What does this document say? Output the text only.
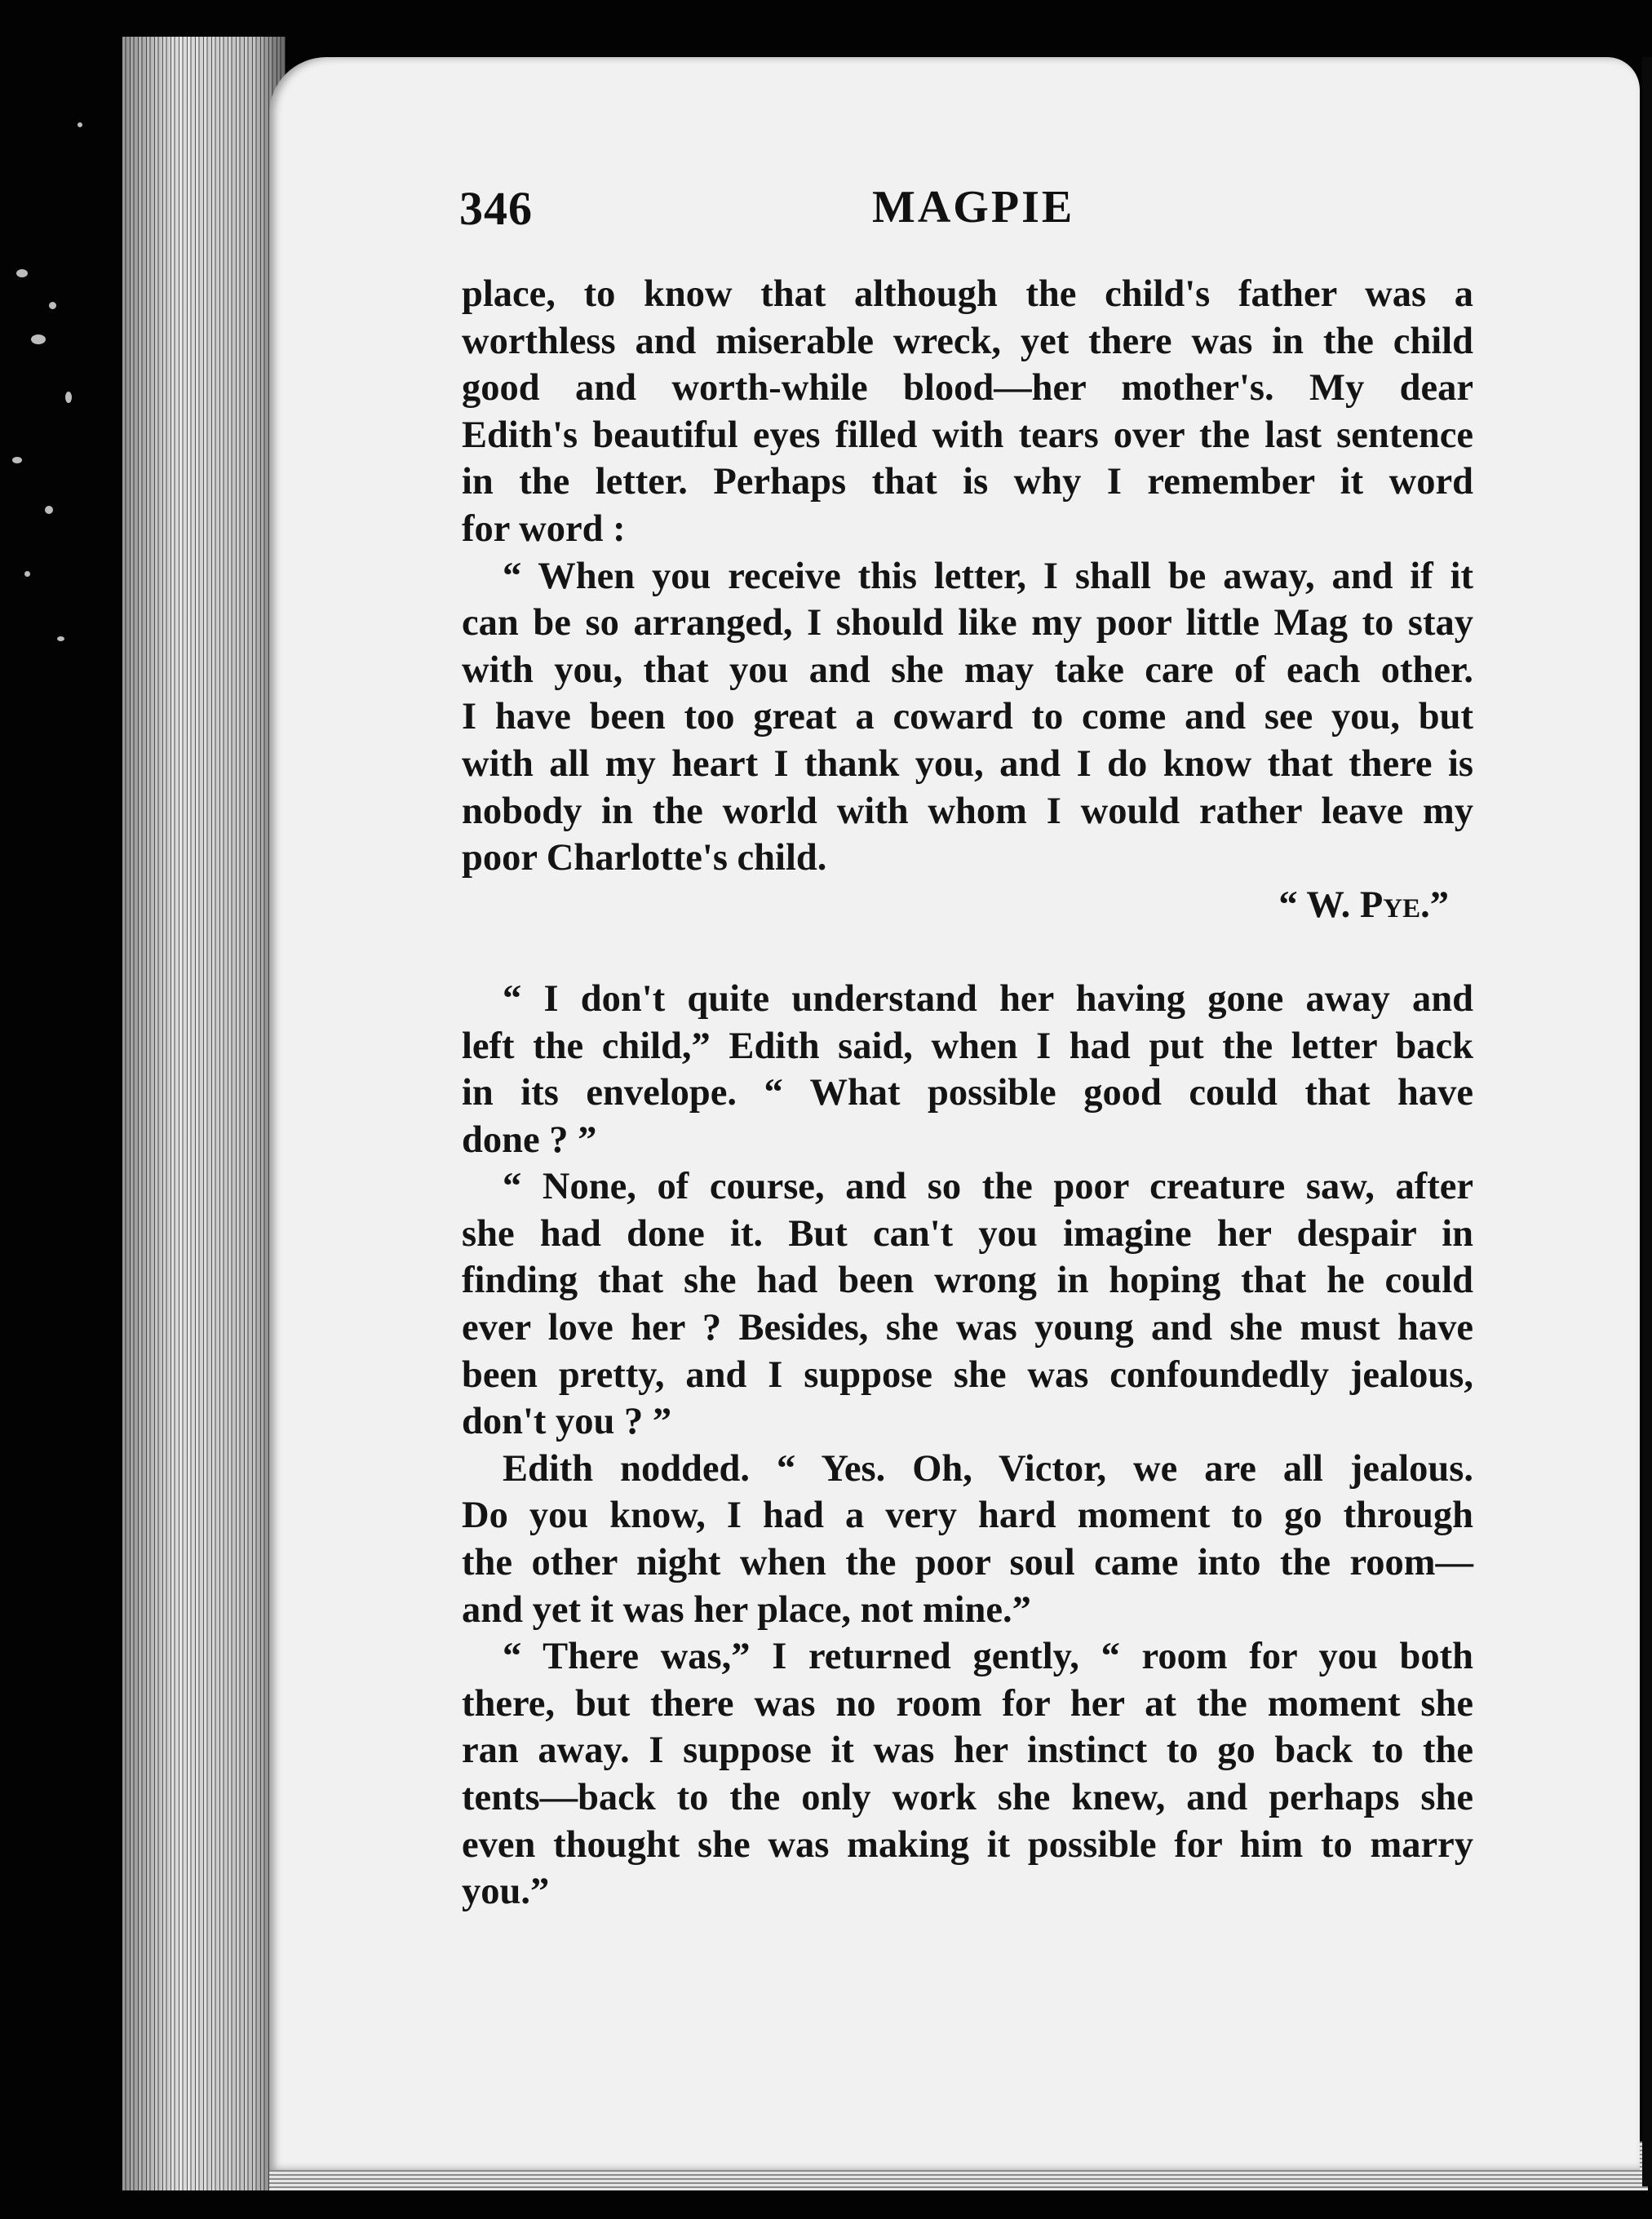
346	MAGPIE
place, to know that although the child's father was a
worthless and miserable wreck, yet there was in the child
good and worth-while blood—her mother's. My dear
Edith's beautiful eyes filled with tears over the last sentence
in the letter. Perhaps that is why I remember it word
for word :
“ When you receive this letter, I shall be away, and if it
can be so arranged, I should like my poor little Mag to stay
with you, that you and she may take care of each other.
I have been too great a coward to come and see you, but
with all my heart I thank you, and I do know that there is
nobody in the world with whom I would rather leave my
poor Charlotte's child.
“ W. Pye.”
“ I don't quite understand her having gone away and
left the child,” Edith said, when I had put the letter back
in its envelope. “ What possible good could that have
done ? ”
“ None, of course, and so the poor creature saw, after
she had done it. But can't you imagine her despair in
finding that she had been wrong in hoping that he could
ever love her ? Besides, she was young and she must have
been pretty, and I suppose she was confoundedly jealous,
don't you ? ”
Edith nodded. “ Yes. Oh, Victor, we are all jealous.
Do you know, I had a very hard moment to go through
the other night when the poor soul came into the room—
and yet it was her place, not mine.”
“ There was,” I returned gently, “ room for you both
there, but there was no room for her at the moment she
ran away. I suppose it was her instinct to go back to the
tents—back to the only work she knew, and perhaps she
even thought she was making it possible for him to marry
you.”
